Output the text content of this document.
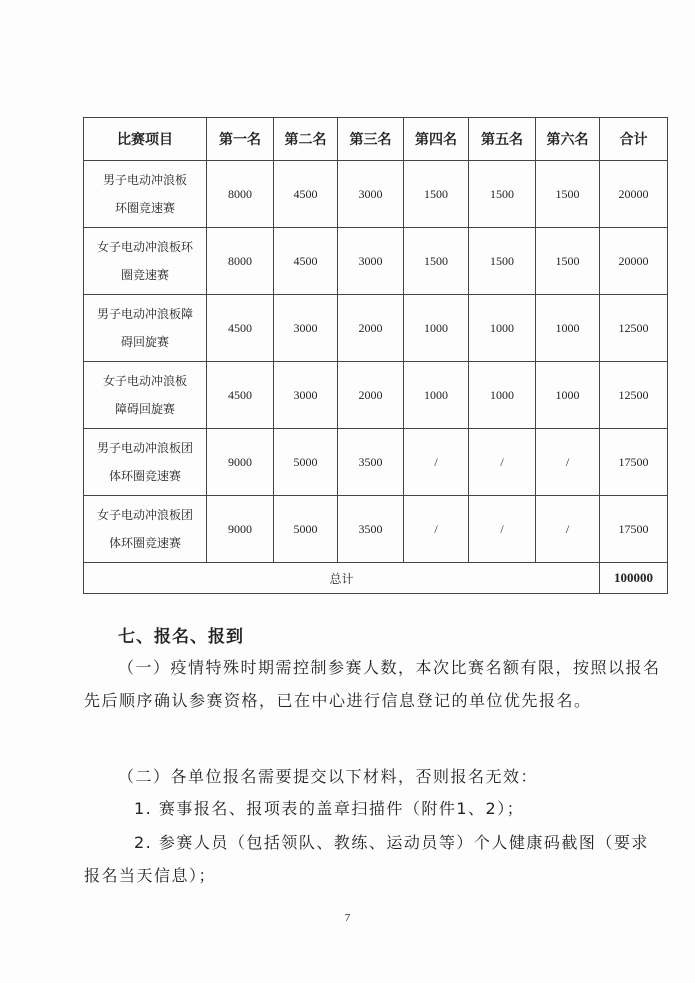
比赛项目	第一名	第二名	第三名	第四名	第五名	第六名	合计

男子电动冲浪板
环圈竞速赛	8000	4500	3000	1500	1500	1500	20000

女子电动冲浪板环
圈竞速赛	8000	4500	3000	1500	1500	1500	20000

男子电动冲浪板障
碍回旋赛	4500	3000	2000	1000	1000	1000	12500

女子电动冲浪板
障碍回旋赛	4500	3000	2000	1000	1000	1000	12500

男子电动冲浪板团
体环圈竞速赛	9000	5000	3500	/	/	/	17500

女子电动冲浪板团
体环圈竞速赛	9000	5000	3500	/	/	/	17500
总计							100000
七、报名、报到

（一）疫情特殊时期需控制参赛人数，本次比赛名额有限，按照以报名先后顺序确认参赛资格，已在中心进行信息登记的单位优先报名。

（二）各单位报名需要提交以下材料，否则报名无效：

1. 赛事报名、报项表的盖章扫描件（附件1、2）；

2. 参赛人员（包括领队、教练、运动员等）个人健康码截图（要求报名当天信息）；

7
